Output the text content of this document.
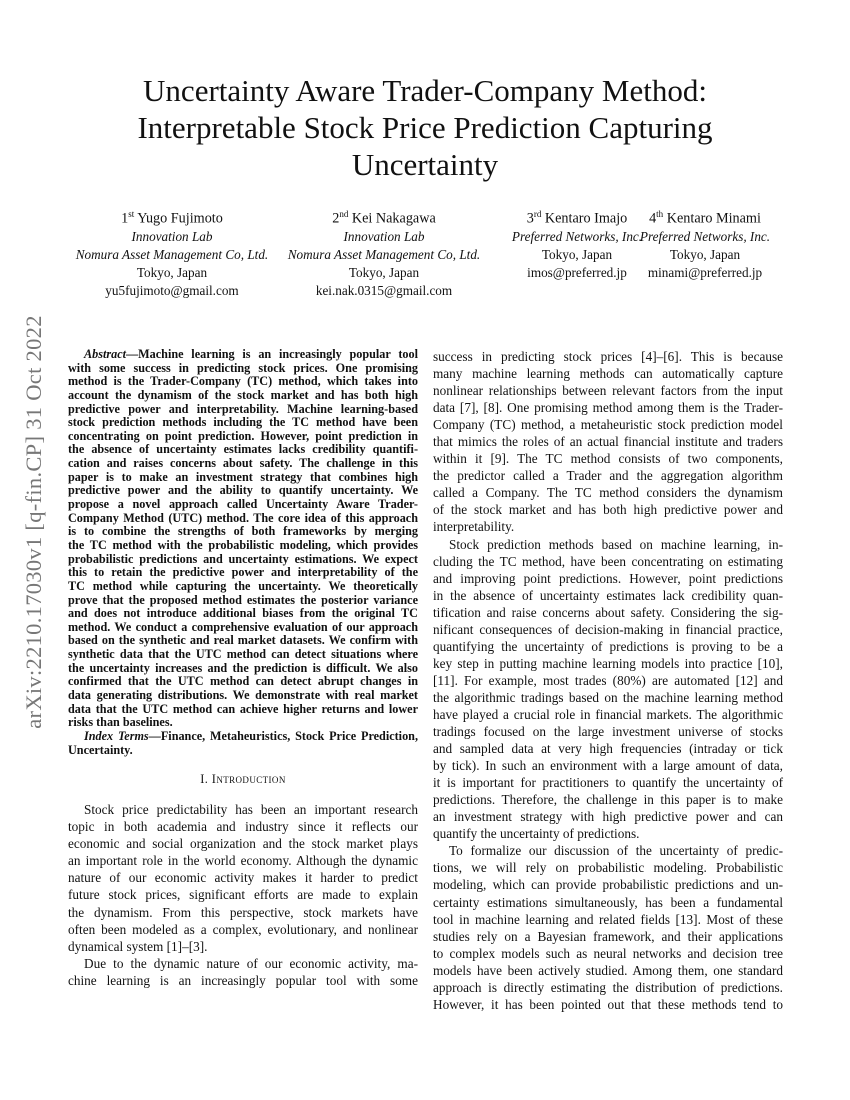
arXiv:2210.17030v1 [q-fin.CP] 31 Oct 2022
Uncertainty Aware Trader-Company Method:
Interpretable Stock Price Prediction Capturing
Uncertainty
1st Yugo Fujimoto
Innovation Lab
Nomura Asset Management Co, Ltd.
Tokyo, Japan
yu5fujimoto@gmail.com
2nd Kei Nakagawa
Innovation Lab
Nomura Asset Management Co, Ltd.
Tokyo, Japan
kei.nak.0315@gmail.com
3rd Kentaro Imajo
Preferred Networks, Inc.
Tokyo, Japan
imos@preferred.jp
4th Kentaro Minami
Preferred Networks, Inc.
Tokyo, Japan
minami@preferred.jp
Abstract—Machine learning is an increasingly popular tool
with some success in predicting stock prices. One promising
method is the Trader-Company (TC) method, which takes into
account the dynamism of the stock market and has both high
predictive power and interpretability. Machine learning-based
stock prediction methods including the TC method have been
concentrating on point prediction. However, point prediction in
the absence of uncertainty estimates lacks credibility quantifi-
cation and raises concerns about safety. The challenge in this
paper is to make an investment strategy that combines high
predictive power and the ability to quantify uncertainty. We
propose a novel approach called Uncertainty Aware Trader-
Company Method (UTC) method. The core idea of this approach
is to combine the strengths of both frameworks by merging
the TC method with the probabilistic modeling, which provides
probabilistic predictions and uncertainty estimations. We expect
this to retain the predictive power and interpretability of the
TC method while capturing the uncertainty. We theoretically
prove that the proposed method estimates the posterior variance
and does not introduce additional biases from the original TC
method. We conduct a comprehensive evaluation of our approach
based on the synthetic and real market datasets. We confirm with
synthetic data that the UTC method can detect situations where
the uncertainty increases and the prediction is difficult. We also
confirmed that the UTC method can detect abrupt changes in
data generating distributions. We demonstrate with real market
data that the UTC method can achieve higher returns and lower
risks than baselines.
Index Terms—Finance, Metaheuristics, Stock Price Prediction,
Uncertainty.
I. Introduction
Stock price predictability has been an important research
topic in both academia and industry since it reflects our
economic and social organization and the stock market plays
an important role in the world economy. Although the dynamic
nature of our economic activity makes it harder to predict
future stock prices, significant efforts are made to explain
the dynamism. From this perspective, stock markets have
often been modeled as a complex, evolutionary, and nonlinear
dynamical system [1]–[3].
Due to the dynamic nature of our economic activity, ma-
chine learning is an increasingly popular tool with some
success in predicting stock prices [4]–[6]. This is because
many machine learning methods can automatically capture
nonlinear relationships between relevant factors from the input
data [7], [8]. One promising method among them is the Trader-
Company (TC) method, a metaheuristic stock prediction model
that mimics the roles of an actual financial institute and traders
within it [9]. The TC method consists of two components,
the predictor called a Trader and the aggregation algorithm
called a Company. The TC method considers the dynamism
of the stock market and has both high predictive power and
interpretability.
Stock prediction methods based on machine learning, in-
cluding the TC method, have been concentrating on estimating
and improving point predictions. However, point predictions
in the absence of uncertainty estimates lack credibility quan-
tification and raise concerns about safety. Considering the sig-
nificant consequences of decision-making in financial practice,
quantifying the uncertainty of predictions is proving to be a
key step in putting machine learning models into practice [10],
[11]. For example, most trades (80%) are automated [12] and
the algorithmic tradings based on the machine learning method
have played a crucial role in financial markets. The algorithmic
tradings focused on the large investment universe of stocks
and sampled data at very high frequencies (intraday or tick
by tick). In such an environment with a large amount of data,
it is important for practitioners to quantify the uncertainty of
predictions. Therefore, the challenge in this paper is to make
an investment strategy with high predictive power and can
quantify the uncertainty of predictions.
To formalize our discussion of the uncertainty of predic-
tions, we will rely on probabilistic modeling. Probabilistic
modeling, which can provide probabilistic predictions and un-
certainty estimations simultaneously, has been a fundamental
tool in machine learning and related fields [13]. Most of these
studies rely on a Bayesian framework, and their applications
to complex models such as neural networks and decision tree
models have been actively studied. Among them, one standard
approach is directly estimating the distribution of predictions.
However, it has been pointed out that these methods tend to
